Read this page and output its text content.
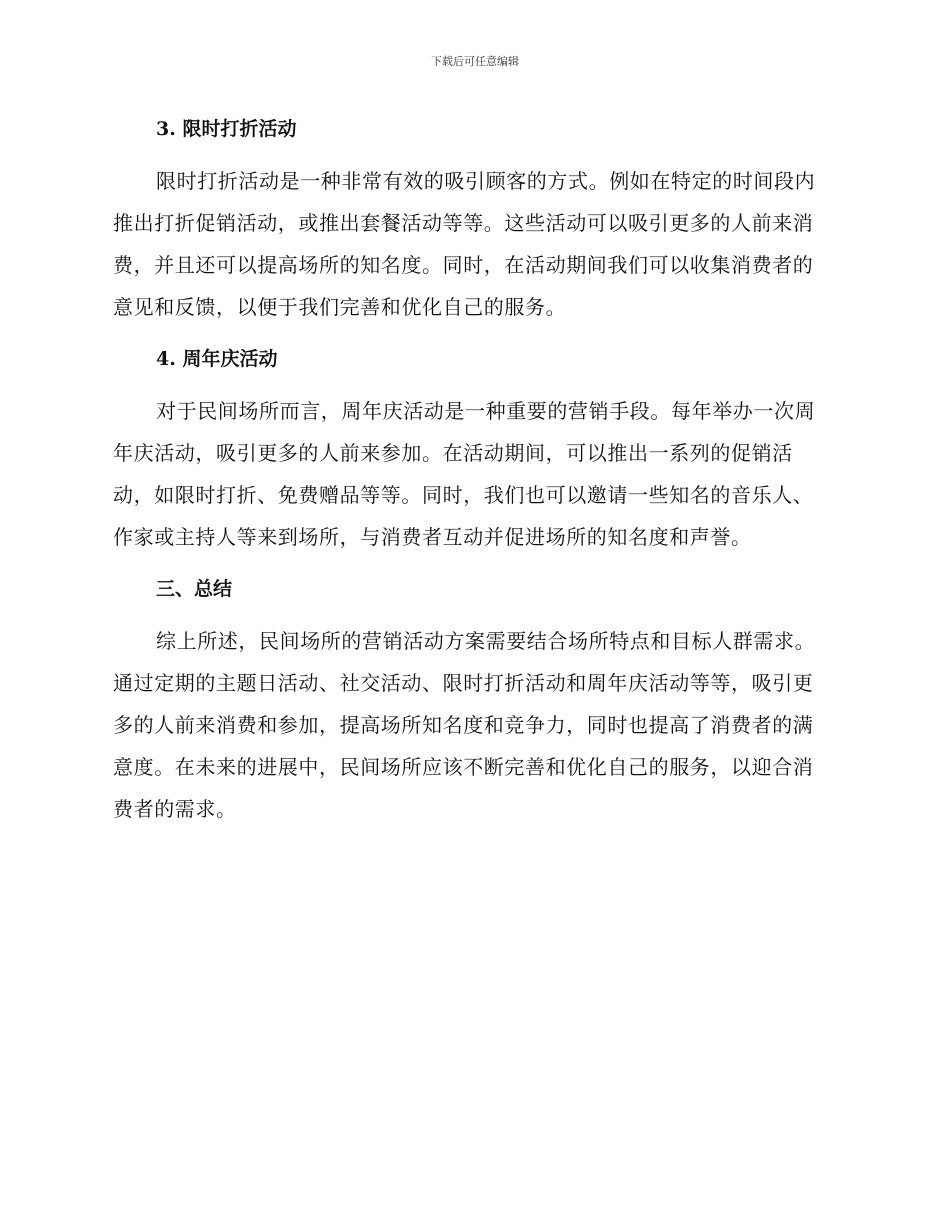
下载后可任意编辑
3. 限时打折活动

限时打折活动是一种非常有效的吸引顾客的方式。例如在特定的时间段内推出打折促销活动，或推出套餐活动等等。这些活动可以吸引更多的人前来消费，并且还可以提高场所的知名度。同时，在活动期间我们可以收集消费者的意见和反馈，以便于我们完善和优化自己的服务。

4. 周年庆活动

对于民间场所而言，周年庆活动是一种重要的营销手段。每年举办一次周年庆活动，吸引更多的人前来参加。在活动期间，可以推出一系列的促销活动，如限时打折、免费赠品等等。同时，我们也可以邀请一些知名的音乐人、作家或主持人等来到场所，与消费者互动并促进场所的知名度和声誉。

三、总结

综上所述，民间场所的营销活动方案需要结合场所特点和目标人群需求。通过定期的主题日活动、社交活动、限时打折活动和周年庆活动等等，吸引更多的人前来消费和参加，提高场所知名度和竞争力，同时也提高了消费者的满意度。在未来的进展中，民间场所应该不断完善和优化自己的服务，以迎合消费者的需求。
